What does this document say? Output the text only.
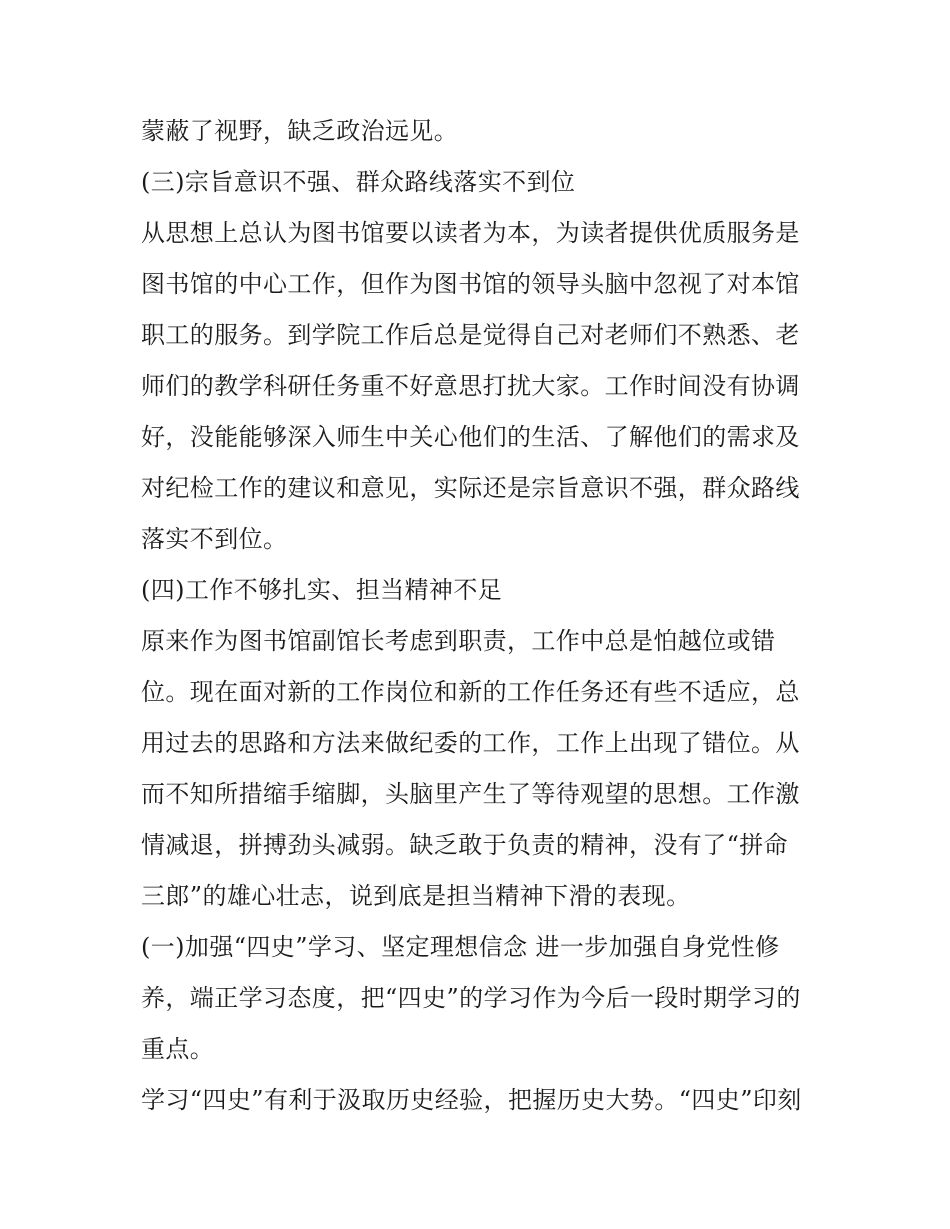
蒙蔽了视野，缺乏政治远见。
(三)宗旨意识不强、群众路线落实不到位
从思想上总认为图书馆要以读者为本，为读者提供优质服务是
图书馆的中心工作，但作为图书馆的领导头脑中忽视了对本馆
职工的服务。到学院工作后总是觉得自己对老师们不熟悉、老
师们的教学科研任务重不好意思打扰大家。工作时间没有协调
好，没能能够深入师生中关心他们的生活、了解他们的需求及
对纪检工作的建议和意见，实际还是宗旨意识不强，群众路线
落实不到位。
(四)工作不够扎实、担当精神不足
原来作为图书馆副馆长考虑到职责，工作中总是怕越位或错
位。现在面对新的工作岗位和新的工作任务还有些不适应，总
用过去的思路和方法来做纪委的工作，工作上出现了错位。从
而不知所措缩手缩脚，头脑里产生了等待观望的思想。工作激
情减退，拼搏劲头减弱。缺乏敢于负责的精神，没有了“拼命
三郎”的雄心壮志，说到底是担当精神下滑的表现。
(一)加强“四史”学习、坚定理想信念 进一步加强自身党性修
养，端正学习态度，把“四史”的学习作为今后一段时期学习的
重点。
学习“四史”有利于汲取历史经验，把握历史大势。“四史”印刻
